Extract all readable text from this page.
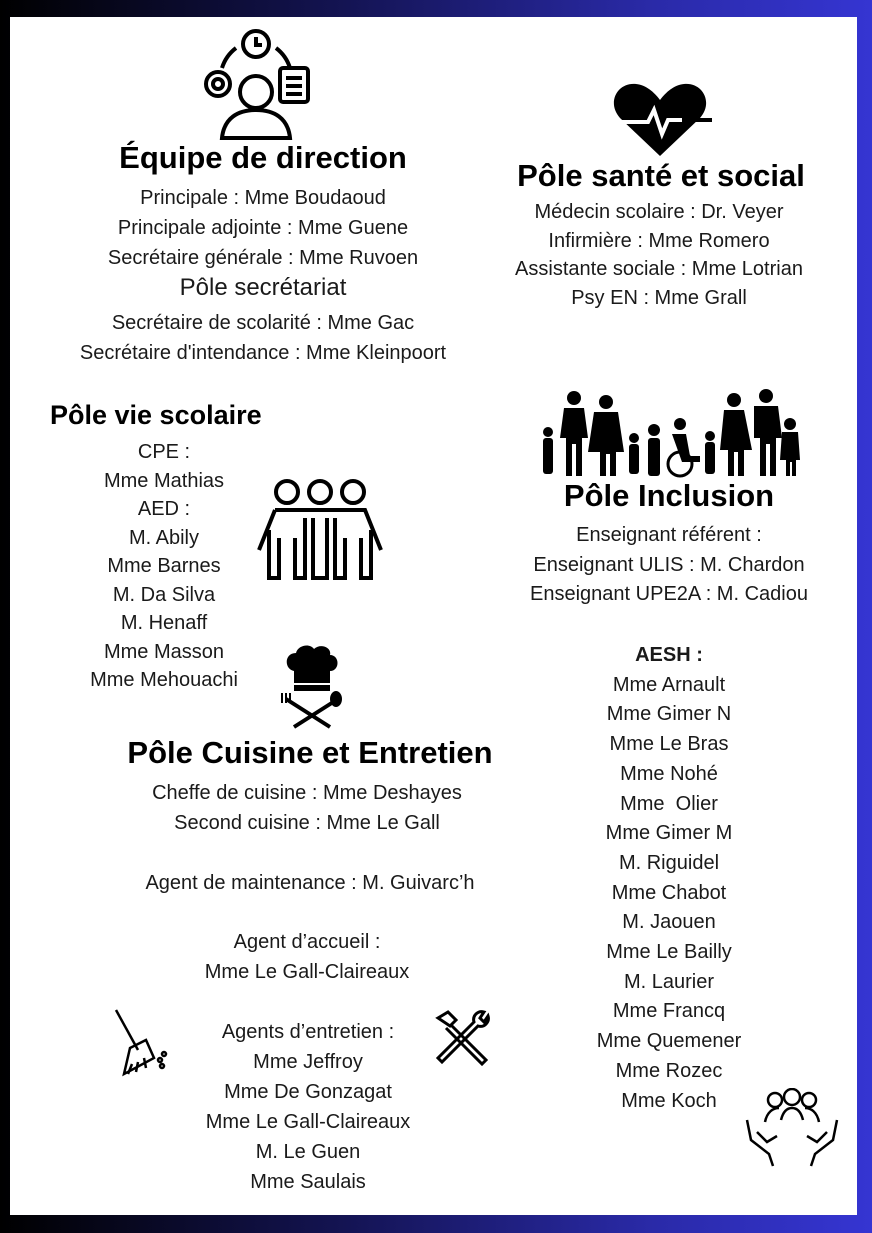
Équipe de direction
Principale : Mme Boudaoud
Principale adjointe : Mme Guene
Secrétaire générale : Mme Ruvoen
Pôle secrétariat
Secrétaire de scolarité : Mme Gac
Secrétaire d'intendance : Mme Kleinpoort
Pôle santé et social
Médecin scolaire : Dr. Veyer
Infirmière : Mme Romero
Assistante sociale : Mme Lotrian
Psy EN : Mme Grall
Pôle vie scolaire
CPE :
Mme Mathias
AED :
M. Abily
Mme Barnes
M. Da Silva
M. Henaff
Mme Masson
Mme Mehouachi
Pôle Inclusion
Enseignant référent :
Enseignant ULIS : M. Chardon
Enseignant UPE2A : M. Cadiou
AESH :
Mme Arnault
Mme Gimer N
Mme Le Bras
Mme Nohé
Mme  Olier
Mme Gimer M
M. Riguidel
Mme Chabot
M. Jaouen
Mme Le Bailly
M. Laurier
Mme Francq
Mme Quemener
Mme Rozec
Mme Koch
Pôle Cuisine et Entretien
Cheffe de cuisine : Mme Deshayes
Second cuisine : Mme Le Gall
Agent de maintenance : M. Guivarc’h
Agent d’accueil :
Mme Le Gall-Claireaux
Agents d’entretien :
Mme Jeffroy
Mme De Gonzagat
Mme Le Gall-Claireaux
M. Le Guen
Mme Saulais
